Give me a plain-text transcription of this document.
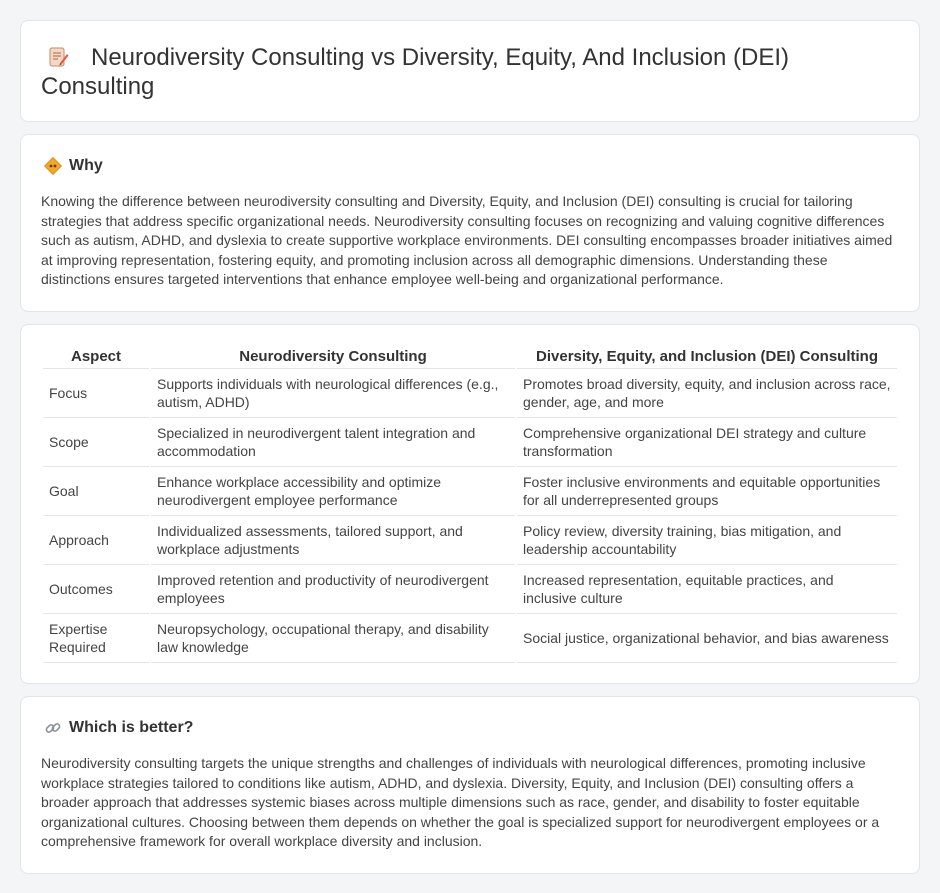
Neurodiversity Consulting vs Diversity, Equity, And Inclusion (DEI) Consulting
Why

Knowing the difference between neurodiversity consulting and Diversity, Equity, and Inclusion (DEI) consulting is crucial for tailoring strategies that address specific organizational needs. Neurodiversity consulting focuses on recognizing and valuing cognitive differences such as autism, ADHD, and dyslexia to create supportive workplace environments. DEI consulting encompasses broader initiatives aimed at improving representation, fostering equity, and promoting inclusion across all demographic dimensions. Understanding these distinctions ensures targeted interventions that enhance employee well-being and organizational performance.

Aspect	Neurodiversity Consulting	Diversity, Equity, and Inclusion (DEI) Consulting
Focus	Supports individuals with neurological differences (e.g., autism, ADHD)	Promotes broad diversity, equity, and inclusion across race, gender, age, and more
Scope	Specialized in neurodivergent talent integration and accommodation	Comprehensive organizational DEI strategy and culture transformation
Goal	Enhance workplace accessibility and optimize neurodivergent employee performance	Foster inclusive environments and equitable opportunities for all underrepresented groups
Approach	Individualized assessments, tailored support, and workplace adjustments	Policy review, diversity training, bias mitigation, and leadership accountability
Outcomes	Improved retention and productivity of neurodivergent employees	Increased representation, equitable practices, and inclusive culture
Expertise Required	Neuropsychology, occupational therapy, and disability law knowledge	Social justice, organizational behavior, and bias awareness
Which is better?

Neurodiversity consulting targets the unique strengths and challenges of individuals with neurological differences, promoting inclusive workplace strategies tailored to conditions like autism, ADHD, and dyslexia. Diversity, Equity, and Inclusion (DEI) consulting offers a broader approach that addresses systemic biases across multiple dimensions such as race, gender, and disability to foster equitable organizational cultures. Choosing between them depends on whether the goal is specialized support for neurodivergent employees or a comprehensive framework for overall workplace diversity and inclusion.
